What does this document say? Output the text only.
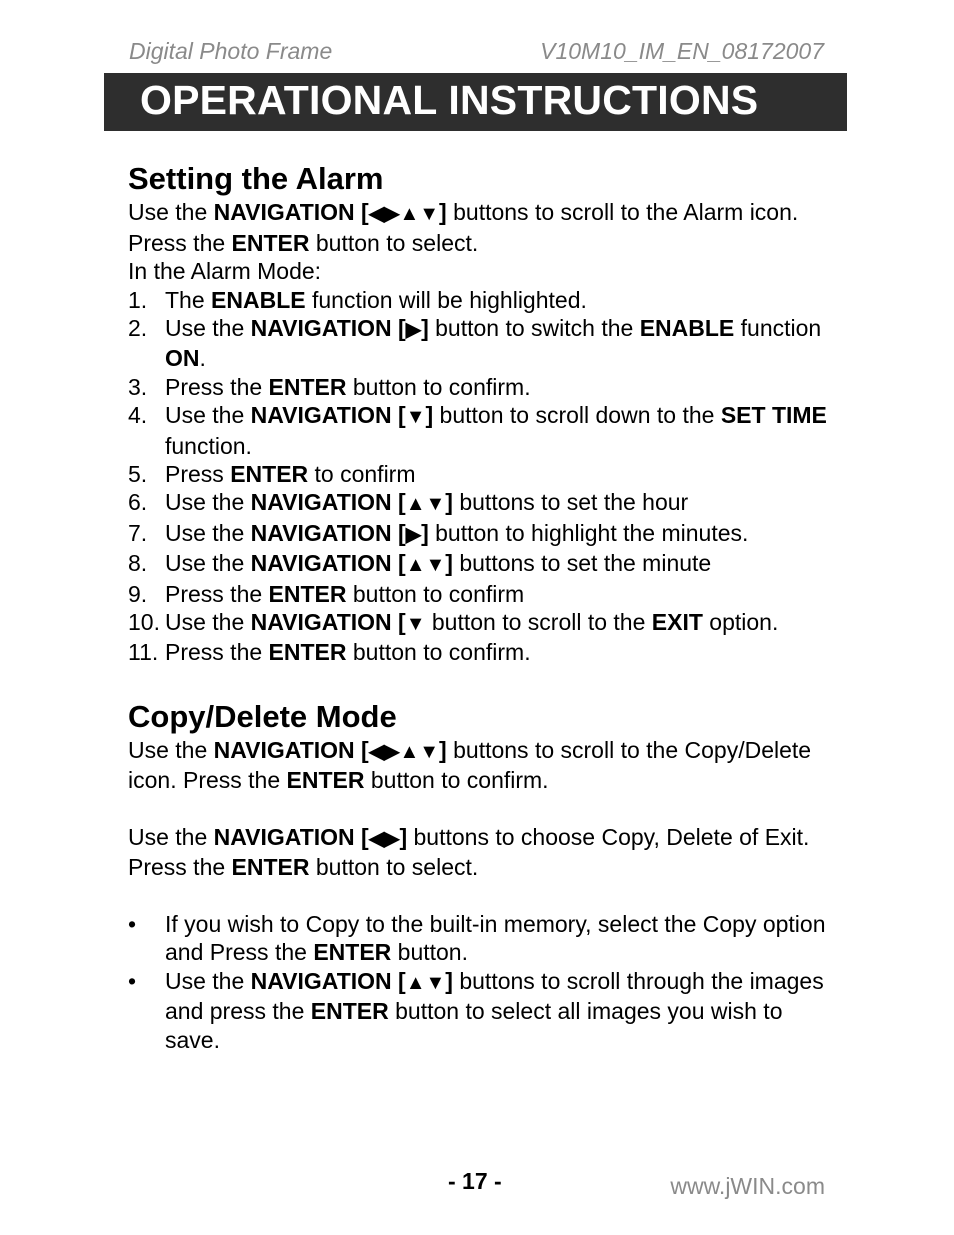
Digital Photo Frame	V10M10_IM_EN_08172007
OPERATIONAL INSTRUCTIONS
Setting the Alarm

Use the NAVIGATION [◀▶▲▼] buttons to scroll to the Alarm icon. Press the ENTER button to select.

In the Alarm Mode:

1. The ENABLE function will be highlighted.
2. Use the NAVIGATION [▶] button to switch the ENABLE function ON.
3. Press the ENTER button to confirm.
4. Use the NAVIGATION [▼] button to scroll down to the SET TIME function.
5. Press ENTER to confirm
6. Use the NAVIGATION [▲▼] buttons to set the hour
7. Use the NAVIGATION [▶] button to highlight the minutes.
8. Use the NAVIGATION [▲▼] buttons to set the minute
9. Press the ENTER button to confirm
10. Use the NAVIGATION [▼ button to scroll to the EXIT option.
11. Press the ENTER button to confirm.
Copy/Delete Mode

Use the NAVIGATION [◀▶▲▼] buttons to scroll to the Copy/Delete icon. Press the ENTER button to confirm.

Use the NAVIGATION [◀▶] buttons to choose Copy, Delete of Exit. Press the ENTER button to select.

• If you wish to Copy to the built-in memory, select the Copy option and Press the ENTER button.
• Use the NAVIGATION [▲▼] buttons to scroll through the images and press the ENTER button to select all images you wish to save.
- 17 -	www.jWIN.com
